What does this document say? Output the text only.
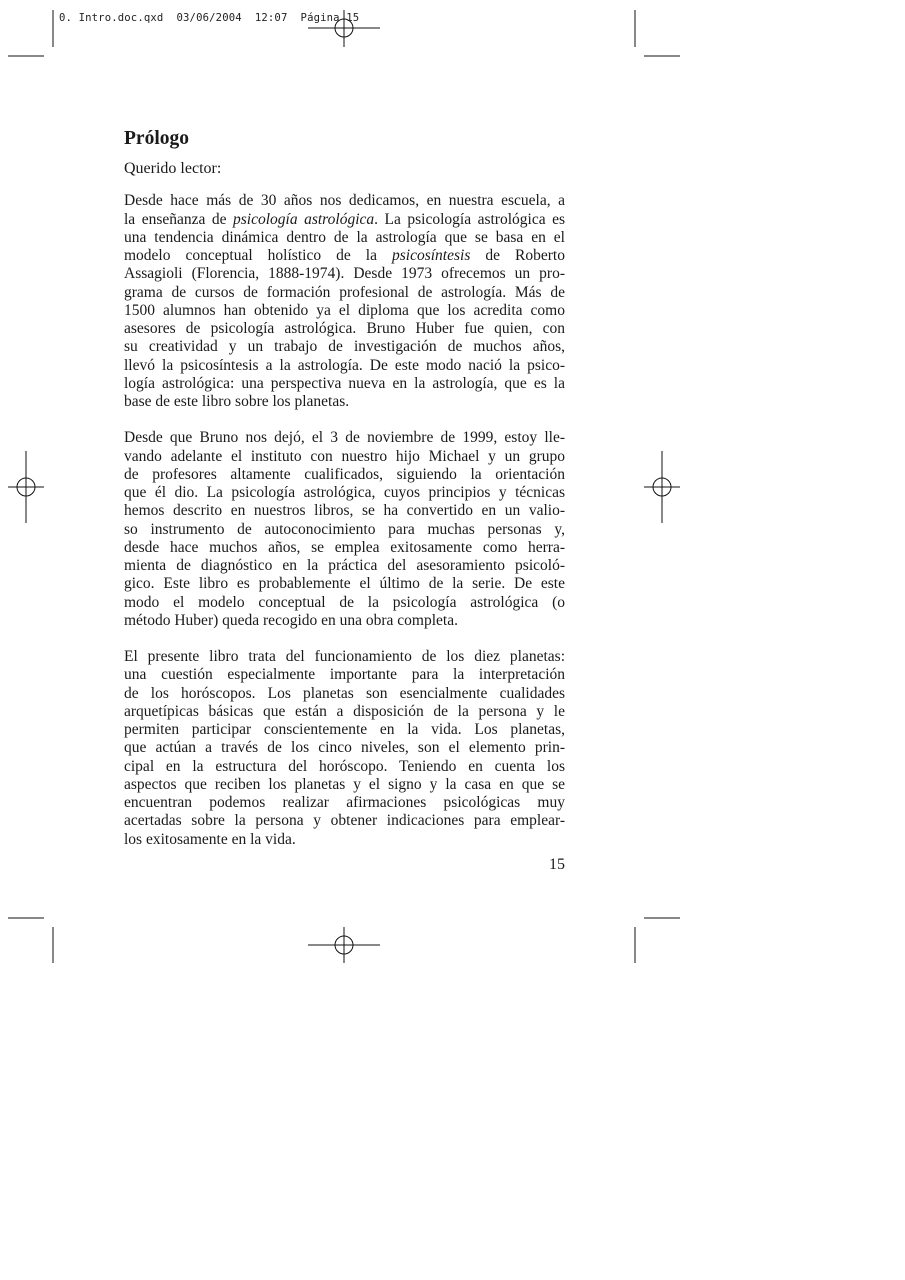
0. Intro.doc.qxd  03/06/2004  12:07  Página 15
Prólogo

Querido lector:

Desde hace más de 30 años nos dedicamos, en nuestra escuela, a
la enseñanza de psicología astrológica. La psicología astrológica es
una tendencia dinámica dentro de la astrología que se basa en el
modelo conceptual holístico de la psicosíntesis de Roberto
Assagioli (Florencia, 1888-1974). Desde 1973 ofrecemos un pro-
grama de cursos de formación profesional de astrología. Más de
1500 alumnos han obtenido ya el diploma que los acredita como
asesores de psicología astrológica. Bruno Huber fue quien, con
su creatividad y un trabajo de investigación de muchos años,
llevó la psicosíntesis a la astrología. De este modo nació la psico-
logía astrológica: una perspectiva nueva en la astrología, que es la
base de este libro sobre los planetas.

Desde que Bruno nos dejó, el 3 de noviembre de 1999, estoy lle-
vando adelante el instituto con nuestro hijo Michael y un grupo
de profesores altamente cualificados, siguiendo la orientación
que él dio. La psicología astrológica, cuyos principios y técnicas
hemos descrito en nuestros libros, se ha convertido en un valio-
so instrumento de autoconocimiento para muchas personas y,
desde hace muchos años, se emplea exitosamente como herra-
mienta de diagnóstico en la práctica del asesoramiento psicoló-
gico. Este libro es probablemente el último de la serie. De este
modo el modelo conceptual de la psicología astrológica (o
método Huber) queda recogido en una obra completa.

El presente libro trata del funcionamiento de los diez planetas:
una cuestión especialmente importante para la interpretación
de los horóscopos. Los planetas son esencialmente cualidades
arquetípicas básicas que están a disposición de la persona y le
permiten participar conscientemente en la vida. Los planetas,
que actúan a través de los cinco niveles, son el elemento prin-
cipal en la estructura del horóscopo. Teniendo en cuenta los
aspectos que reciben los planetas y el signo y la casa en que se
encuentran podemos realizar afirmaciones psicológicas muy
acertadas sobre la persona y obtener indicaciones para emplear-
los exitosamente en la vida.

15
